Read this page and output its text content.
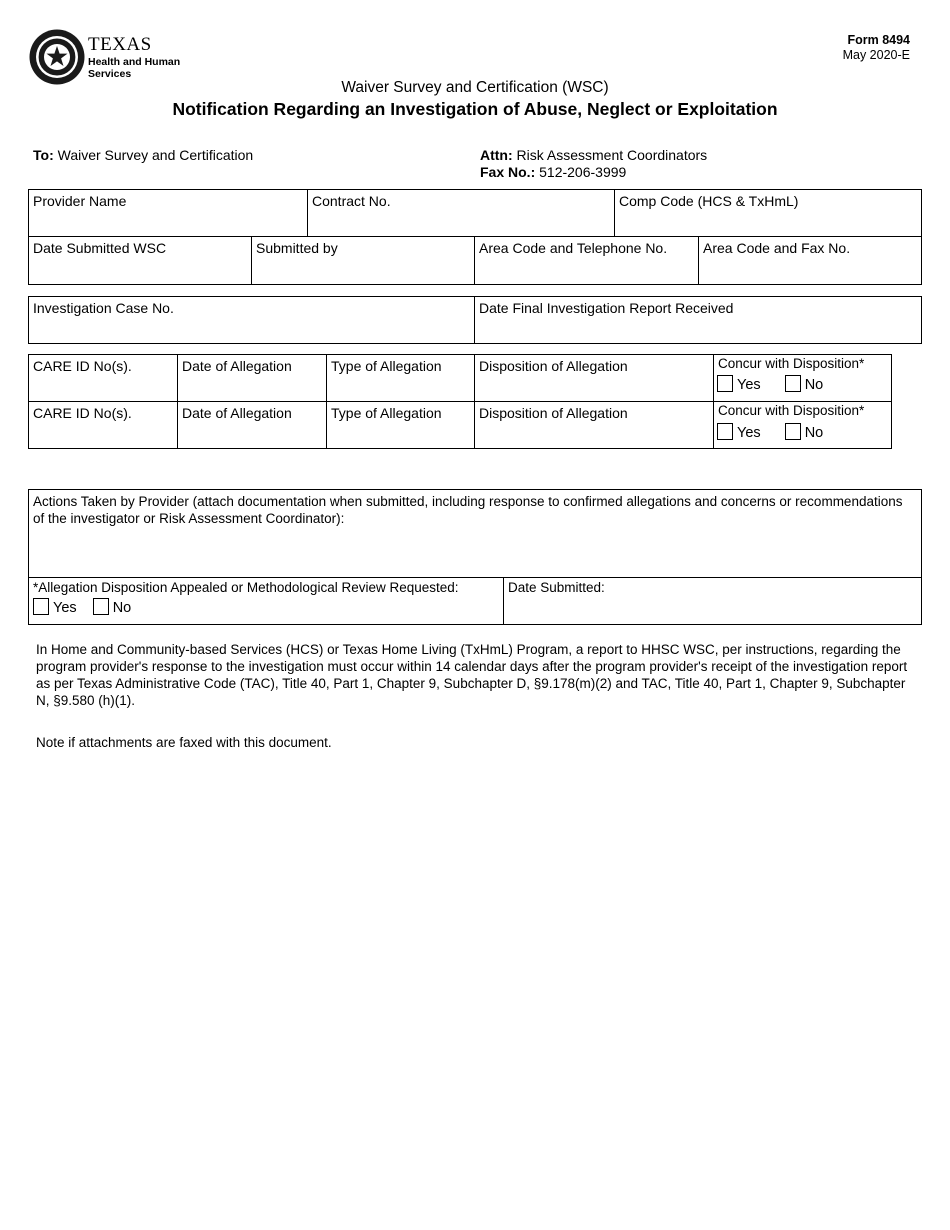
TEXAS
Health and Human
Services
Form 8494
May 2020-E
Waiver Survey and Certification (WSC)
Notification Regarding an Investigation of Abuse, Neglect or Exploitation
To: Waiver Survey and Certification	Attn: Risk Assessment Coordinators
Fax No.: 512-206-3999
Provider Name	Contract No.	Comp Code (HCS & TxHmL)
Date Submitted WSC	Submitted by	Area Code and Telephone No.	Area Code and Fax No.
Investigation Case No.	Date Final Investigation Report Received
CARE ID No(s).	Date of Allegation	Type of Allegation	Disposition of Allegation	Concur with Disposition*
Yes	No
CARE ID No(s).	Date of Allegation	Type of Allegation	Disposition of Allegation	Concur with Disposition*
Yes	No
Actions Taken by Provider (attach documentation when submitted, including response to confirmed allegations and concerns or recommendations of the investigator or Risk Assessment Coordinator):
*Allegation Disposition Appealed or Methodological Review Requested:
Yes No
Date Submitted:
In Home and Community-based Services (HCS) or Texas Home Living (TxHmL) Program, a report to HHSC WSC, per instructions, regarding the program provider's response to the investigation must occur within 14 calendar days after the program provider's receipt of the investigation report as per Texas Administrative Code (TAC), Title 40, Part 1, Chapter 9, Subchapter D, §9.178(m)(2) and TAC, Title 40, Part 1, Chapter 9, Subchapter N, §9.580 (h)(1).
Note if attachments are faxed with this document.
